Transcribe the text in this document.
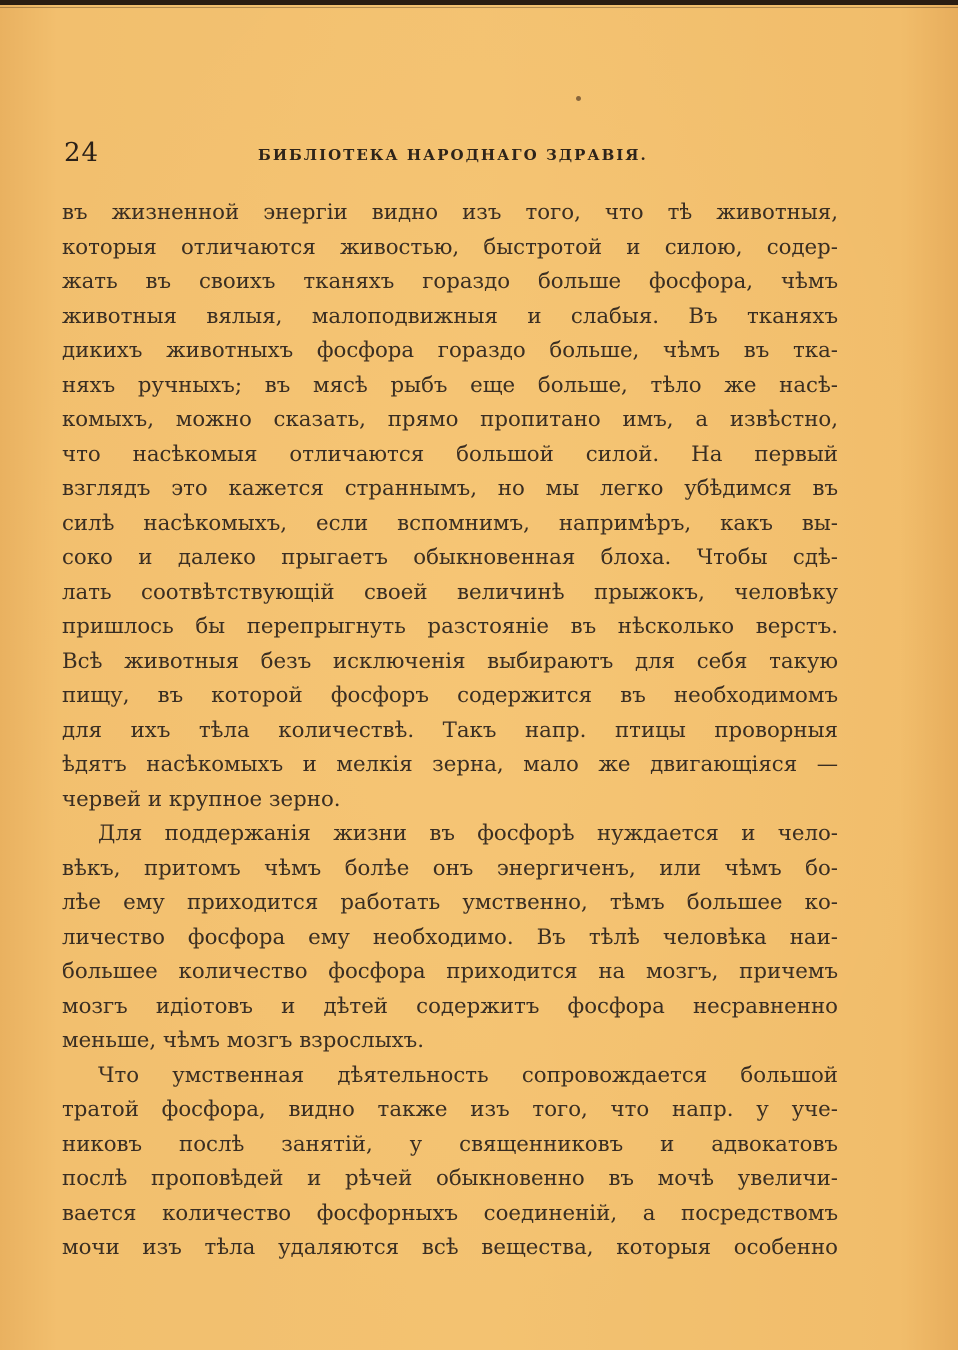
24	БИБЛІОТЕКА НАРОДНАГО ЗДРАВІЯ.
въ жизненной энергіи видно изъ того, что тѣ животныя,
которыя отличаются живостью, быстротой и силою, содер-
жать въ своихъ тканяхъ гораздо больше фосфора, чѣмъ
животныя вялыя, малоподвижныя и слабыя. Въ тканяхъ
дикихъ животныхъ фосфора гораздо больше, чѣмъ въ тка-
няхъ ручныхъ; въ мясѣ рыбъ еще больше, тѣло же насѣ-
комыхъ, можно сказать, прямо пропитано имъ, а извѣстно,
что насѣкомыя отличаются большой силой. На первый
взглядъ это кажется страннымъ, но мы легко убѣдимся въ
силѣ насѣкомыхъ, если вспомнимъ, напримѣръ, какъ вы-
соко и далеко прыгаетъ обыкновенная блоха. Чтобы сдѣ-
лать соотвѣтствующій своей величинѣ прыжокъ, человѣку
пришлось бы перепрыгнуть разстояніе въ нѣсколько верстъ.
Всѣ животныя безъ исключенія выбираютъ для себя такую
пищу, въ которой фосфоръ содержится въ необходимомъ
для ихъ тѣла количествѣ. Такъ напр. птицы проворныя
ѣдятъ насѣкомыхъ и мелкія зерна, мало же двигающіяся —
червей и крупное зерно.
Для поддержанія жизни въ фосфорѣ нуждается и чело-
вѣкъ, притомъ чѣмъ болѣе онъ энергиченъ, или чѣмъ бо-
лѣе ему приходится работать умственно, тѣмъ большее ко-
личество фосфора ему необходимо. Въ тѣлѣ человѣка наи-
большее количество фосфора приходится на мозгъ, причемъ
мозгъ идіотовъ и дѣтей содержитъ фосфора несравненно
меньше, чѣмъ мозгъ взрослыхъ.
Что умственная дѣятельность сопровождается большой
тратой фосфора, видно также изъ того, что напр. у уче-
никовъ послѣ занятій, у священниковъ и адвокатовъ
послѣ проповѣдей и рѣчей обыкновенно въ мочѣ увеличи-
вается количество фосфорныхъ соединеній, а посредствомъ
мочи изъ тѣла удаляются всѣ вещества, которыя особенно
